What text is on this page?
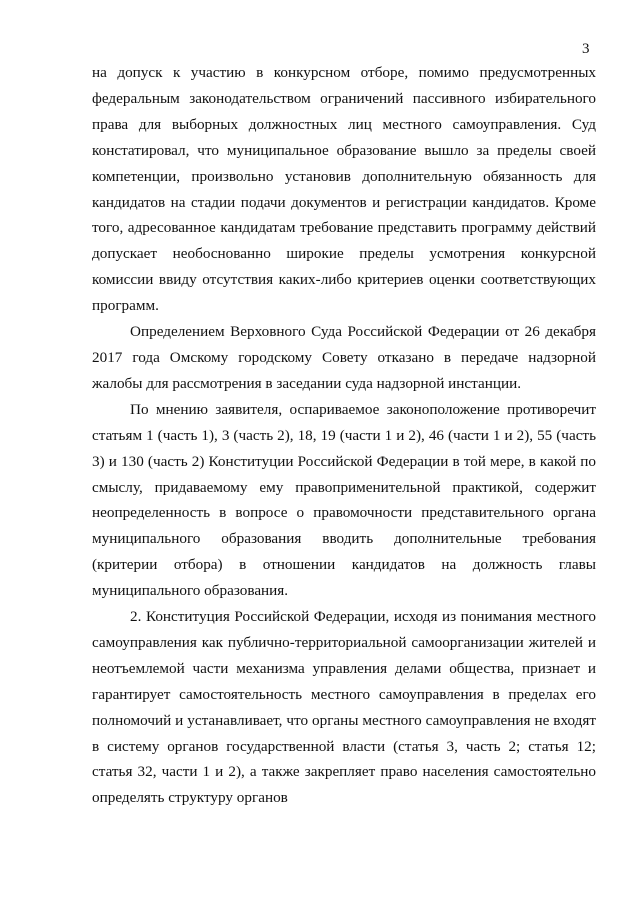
3

на допуск к участию в конкурсном отборе, помимо предусмотренных федеральным законодательством ограничений пассивного избирательного права для выборных должностных лиц местного самоуправления. Суд констатировал, что муниципальное образование вышло за пределы своей компетенции, произвольно установив дополнительную обязанность для кандидатов на стадии подачи документов и регистрации кандидатов. Кроме того, адресованное кандидатам требование представить программу действий допускает необоснованно широкие пределы усмотрения конкурсной комиссии ввиду отсутствия каких-либо критериев оценки соответствующих программ.

Определением Верховного Суда Российской Федерации от 26 декабря 2017 года Омскому городскому Совету отказано в передаче надзорной жалобы для рассмотрения в заседании суда надзорной инстанции.

По мнению заявителя, оспариваемое законоположение противоречит статьям 1 (часть 1), 3 (часть 2), 18, 19 (части 1 и 2), 46 (части 1 и 2), 55 (часть 3) и 130 (часть 2) Конституции Российской Федерации в той мере, в какой по смыслу, придаваемому ему правоприменительной практикой, содержит неопределенность в вопросе о правомочности представительного органа муниципального образования вводить дополнительные требования (критерии отбора) в отношении кандидатов на должность главы муниципального образования.

2. Конституция Российской Федерации, исходя из понимания местного самоуправления как публично-территориальной самоорганизации жителей и неотъемлемой части механизма управления делами общества, признает и гарантирует самостоятельность местного самоуправления в пределах его полномочий и устанавливает, что органы местного самоуправления не входят в систему органов государственной власти (статья 3, часть 2; статья 12; статья 32, части 1 и 2), а также закрепляет право населения самостоятельно определять структуру органов
